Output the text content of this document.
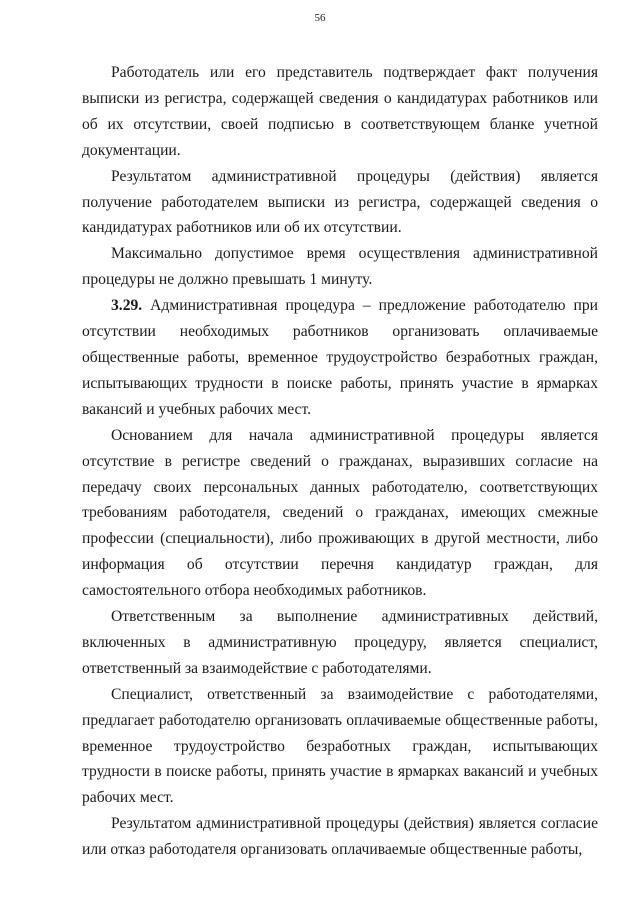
56

Работодатель или его представитель подтверждает факт получения выписки из регистра, содержащей сведения о кандидатурах работников или об их отсутствии, своей подписью в соответствующем бланке учетной документации.

Результатом административной процедуры (действия) является получение работодателем выписки из регистра, содержащей сведения о кандидатурах работников или об их отсутствии.

Максимально допустимое время осуществления административной процедуры не должно превышать 1 минуту.

3.29. Административная процедура – предложение работодателю при отсутствии необходимых работников организовать оплачиваемые общественные работы, временное трудоустройство безработных граждан, испытывающих трудности в поиске работы, принять участие в ярмарках вакансий и учебных рабочих мест.

Основанием для начала административной процедуры является отсутствие в регистре сведений о гражданах, выразивших согласие на передачу своих персональных данных работодателю, соответствующих требованиям работодателя, сведений о гражданах, имеющих смежные профессии (специальности), либо проживающих в другой местности, либо информация об отсутствии перечня кандидатур граждан, для самостоятельного отбора необходимых работников.

Ответственным за выполнение административных действий, включенных в административную процедуру, является специалист, ответственный за взаимодействие с работодателями.

Специалист, ответственный за взаимодействие с работодателями, предлагает работодателю организовать оплачиваемые общественные работы, временное трудоустройство безработных граждан, испытывающих трудности в поиске работы, принять участие в ярмарках вакансий и учебных рабочих мест.

Результатом административной процедуры (действия) является согласие или отказ работодателя организовать оплачиваемые общественные работы,
